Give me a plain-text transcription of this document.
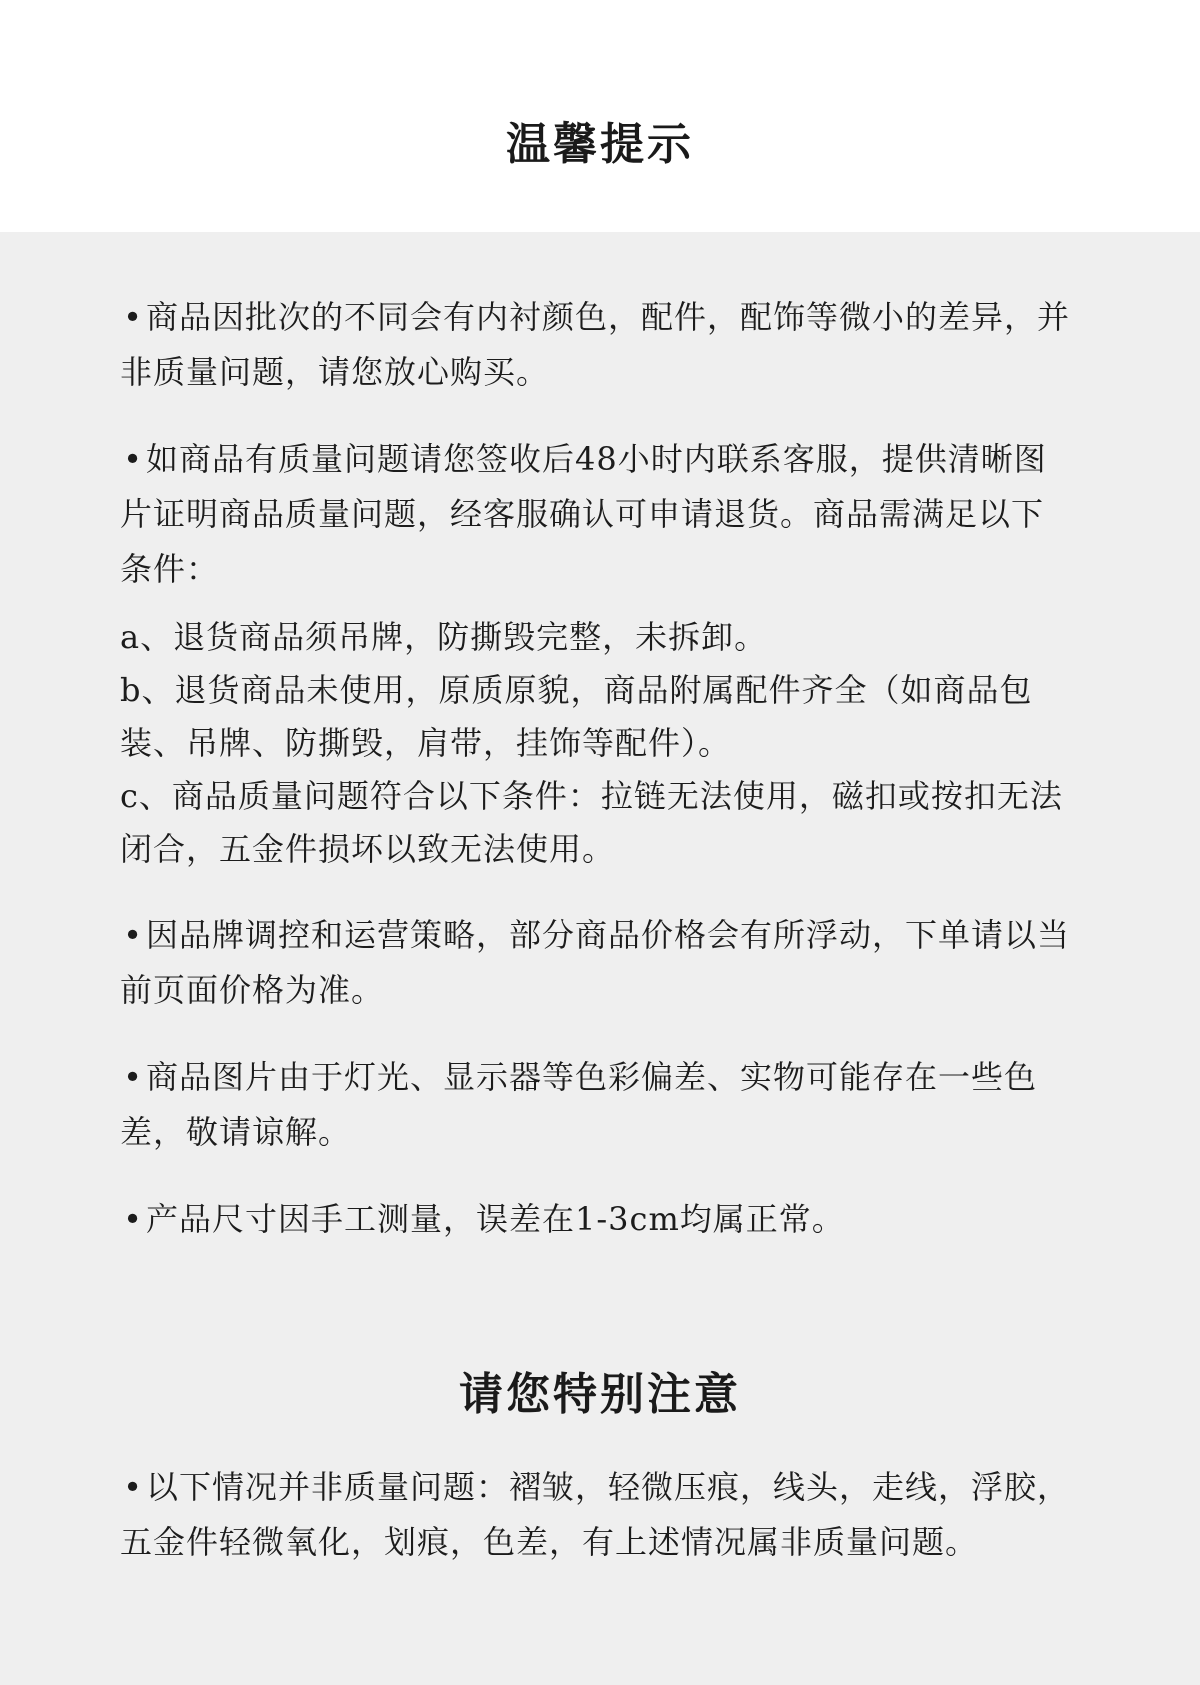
温馨提示

•商品因批次的不同会有内衬颜色，配件，配饰等微小的差异，并非质量问题，请您放心购买。

•如商品有质量问题请您签收后48小时内联系客服，提供清晰图片证明商品质量问题，经客服确认可申请退货。商品需满足以下条件：

a、退货商品须吊牌，防撕毁完整，未拆卸。

b、退货商品未使用，原质原貌，商品附属配件齐全（如商品包装、吊牌、防撕毁，肩带，挂饰等配件）。

c、商品质量问题符合以下条件：拉链无法使用，磁扣或按扣无法闭合，五金件损坏以致无法使用。

•因品牌调控和运营策略，部分商品价格会有所浮动，下单请以当前页面价格为准。

•商品图片由于灯光、显示器等色彩偏差、实物可能存在一些色差，敬请谅解。

•产品尺寸因手工测量，误差在1-3cm均属正常。

请您特别注意

•以下情况并非质量问题：褶皱，轻微压痕，线头，走线，浮胶，五金件轻微氧化，划痕，色差，有上述情况属非质量问题。
